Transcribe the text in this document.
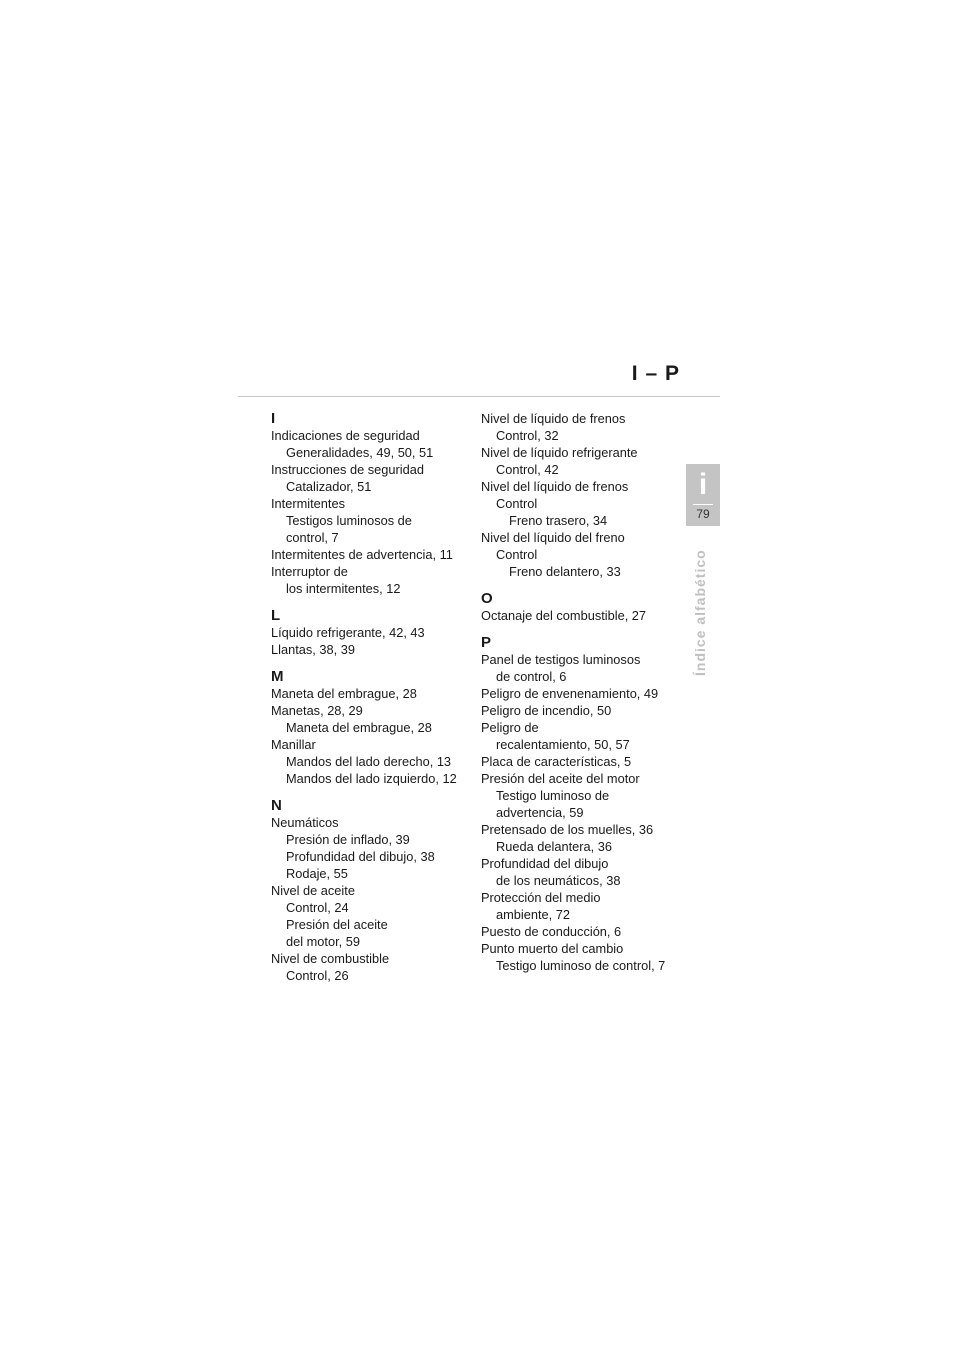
I – P
i
79
Índice alfabético
I
Indicaciones de seguridad
Generalidades, 49, 50, 51
Instrucciones de seguridad
Catalizador, 51
Intermitentes
Testigos luminosos de
control, 7
Intermitentes de advertencia, 11
Interruptor de
los intermitentes, 12
L
Líquido refrigerante, 42, 43
Llantas, 38, 39
M
Maneta del embrague, 28
Manetas, 28, 29
Maneta del embrague, 28
Manillar
Mandos del lado derecho, 13
Mandos del lado izquierdo, 12
N
Neumáticos
Presión de inflado, 39
Profundidad del dibujo, 38
Rodaje, 55
Nivel de aceite
Control, 24
Presión del aceite
del motor, 59
Nivel de combustible
Control, 26
Nivel de líquido de frenos
Control, 32
Nivel de líquido refrigerante
Control, 42
Nivel del líquido de frenos
Control
Freno trasero, 34
Nivel del líquido del freno
Control
Freno delantero, 33
O
Octanaje del combustible, 27
P
Panel de testigos luminosos
de control, 6
Peligro de envenenamiento, 49
Peligro de incendio, 50
Peligro de
recalentamiento, 50, 57
Placa de características, 5
Presión del aceite del motor
Testigo luminoso de
advertencia, 59
Pretensado de los muelles, 36
Rueda delantera, 36
Profundidad del dibujo
de los neumáticos, 38
Protección del medio
ambiente, 72
Puesto de conducción, 6
Punto muerto del cambio
Testigo luminoso de control, 7
